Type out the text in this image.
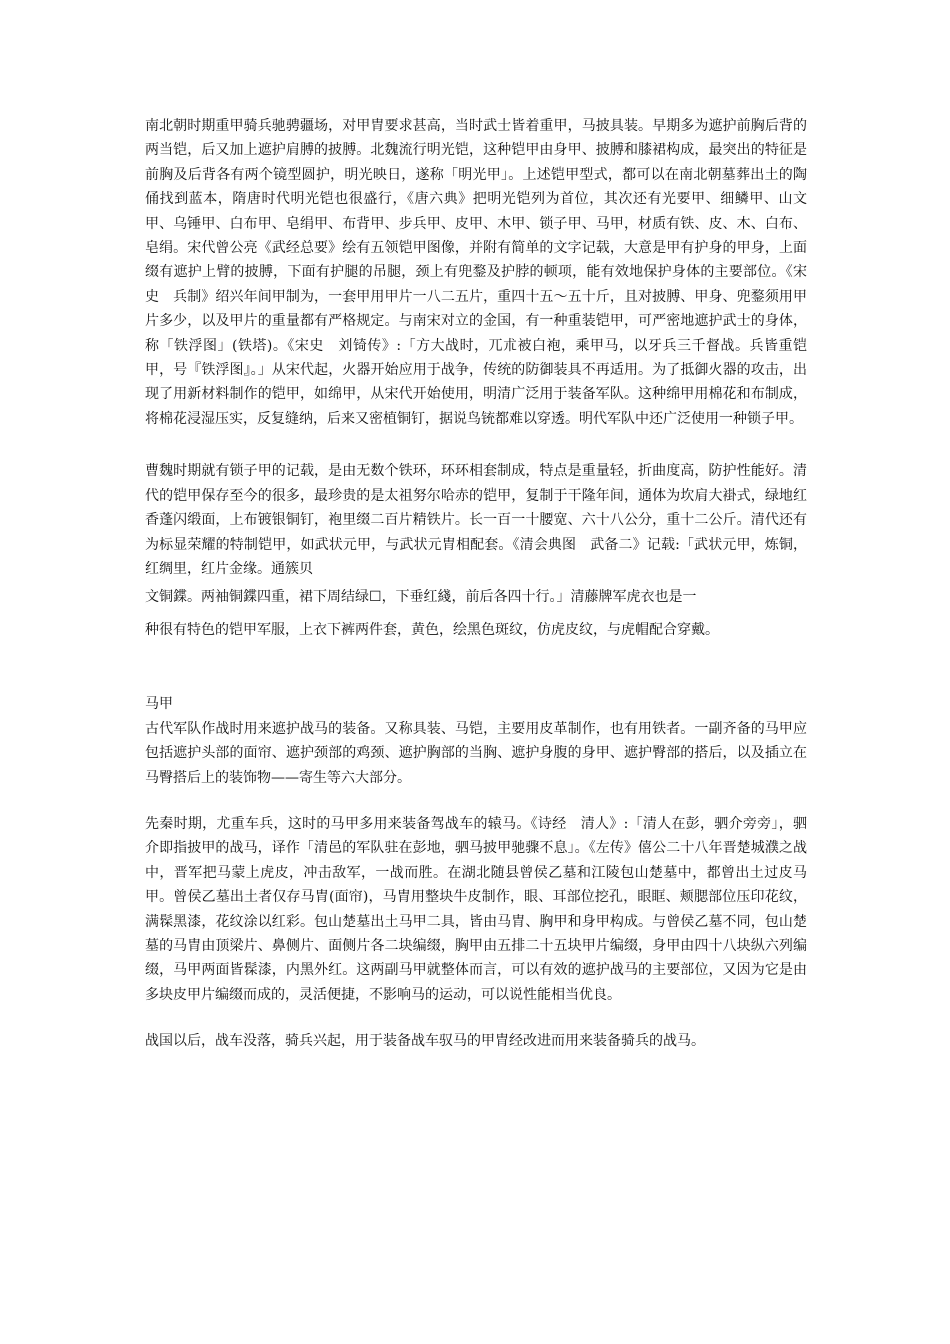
南北朝时期重甲骑兵驰骋疆场，对甲胄要求甚高，当时武士皆着重甲，马披具装。早期多为遮护前胸后背的两当铠，后又加上遮护肩膊的披膊。北魏流行明光铠，这种铠甲由身甲、披膊和膝裙构成，最突出的特征是前胸及后背各有两个镜型圆护，明光映日，遂称「明光甲」。上述铠甲型式，都可以在南北朝墓葬出土的陶俑找到蓝本，隋唐时代明光铠也很盛行，《唐六典》把明光铠列为首位，其次还有光要甲、细鳞甲、山文甲、乌锤甲、白布甲、皂绢甲、布背甲、步兵甲、皮甲、木甲、锁子甲、马甲，材质有铁、皮、木、白布、皂绢。宋代曾公亮《武经总要》绘有五领铠甲图像，并附有简单的文字记载，大意是甲有护身的甲身，上面缀有遮护上臂的披膊，下面有护腿的吊腿，颈上有兜鍪及护脖的顿项，能有效地保护身体的主要部位。《宋史　兵制》绍兴年间甲制为，一套甲用甲片一八二五片，重四十五～五十斤，且对披膊、甲身、兜鍪须用甲片多少，以及甲片的重量都有严格规定。与南宋对立的金国，有一种重装铠甲，可严密地遮护武士的身体，称「铁浮图」(铁塔)。《宋史　刘锜传》:「方大战时，兀朮被白袍，乘甲马，以牙兵三千督战。兵皆重铠甲，号『铁浮图』。」从宋代起，火器开始应用于战争，传统的防御装具不再适用。为了抵御火器的攻击，出现了用新材料制作的铠甲，如绵甲，从宋代开始使用，明清广泛用于装备军队。这种绵甲用棉花和布制成，将棉花浸湿压实，反复缝纳，后来又密植铜钉，据说鸟铳都难以穿透。明代军队中还广泛使用一种锁子甲。

曹魏时期就有锁子甲的记载，是由无数个铁环，环环相套制成，特点是重量轻，折曲度高，防护性能好。清代的铠甲保存至今的很多，最珍贵的是太祖努尔哈赤的铠甲，复制于干隆年间，通体为坎肩大褂式，绿地红香蓬闪缎面，上布镀银铜钉，袍里缀二百片精铁片。长一百一十腰宽、六十八公分，重十二公斤。清代还有为标显荣耀的特制铠甲，如武状元甲，与武状元胄相配套。《清会典图　武备二》记载:「武状元甲，炼铜，红绸里，红片金缘。通簇贝
文铜鍱。两袖铜鍱四重，裙下周结绿☐，下垂红綫，前后各四十行。」清藤牌军虎衣也是一
种很有特色的铠甲军服，上衣下裤两件套，黄色，绘黑色斑纹，仿虎皮纹，与虎帽配合穿戴。

马甲

古代军队作战时用来遮护战马的装备。又称具装、马铠，主要用皮革制作，也有用铁者。一副齐备的马甲应包括遮护头部的面帘、遮护颈部的鸡颈、遮护胸部的当胸、遮护身腹的身甲、遮护臀部的搭后，以及插立在马臀搭后上的装饰物——寄生等六大部分。

先秦时期，尤重车兵，这时的马甲多用来装备驾战车的辕马。《诗经　清人》:「清人在彭，驷介旁旁」，驷介即指披甲的战马，译作「清邑的军队驻在彭地，驷马披甲驰骤不息」。《左传》僖公二十八年晋楚城濮之战中，晋军把马蒙上虎皮，冲击敌军，一战而胜。在湖北随县曾侯乙墓和江陵包山楚墓中，都曾出土过皮马甲。曾侯乙墓出土者仅存马胄(面帘)，马胄用整块牛皮制作，眼、耳部位挖孔，眼眶、颊腮部位压印花纹，满髹黑漆，花纹涂以红彩。包山楚墓出土马甲二具，皆由马胄、胸甲和身甲构成。与曾侯乙墓不同，包山楚墓的马胄由顶梁片、鼻侧片、面侧片各二块编缀，胸甲由五排二十五块甲片编缀，身甲由四十八块纵六列编缀，马甲两面皆髹漆，内黑外红。这两副马甲就整体而言，可以有效的遮护战马的主要部位，又因为它是由多块皮甲片编缀而成的，灵活便捷，不影响马的运动，可以说性能相当优良。

战国以后，战车没落，骑兵兴起，用于装备战车驭马的甲胄经改进而用来装备骑兵的战马。
